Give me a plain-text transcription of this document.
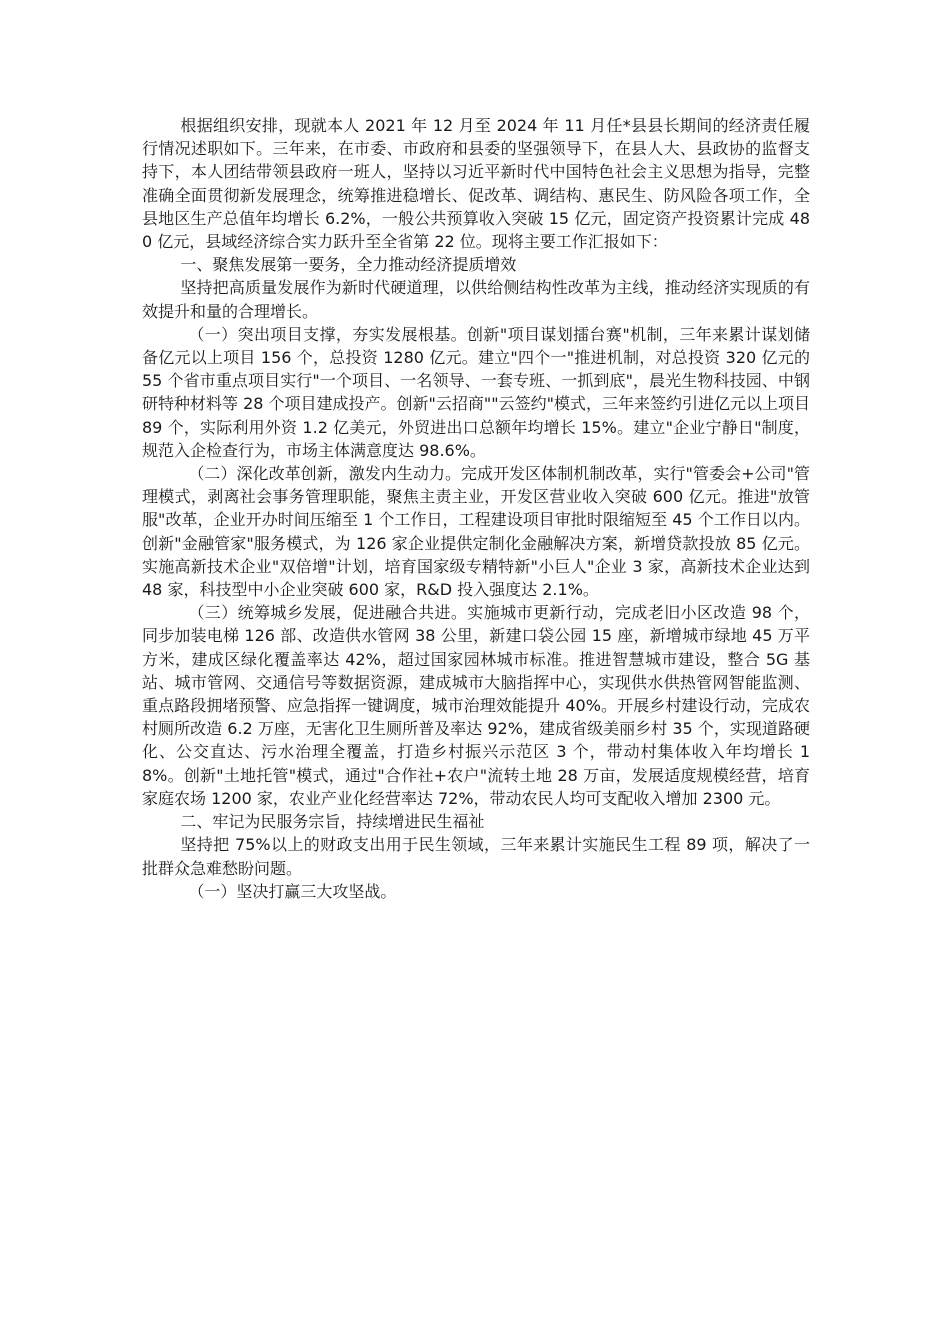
根据组织安排，现就本人 2021 年 12 月至 2024 年 11 月任*县县长期间的经济责任履行情况述职如下。三年来，在市委、市政府和县委的坚强领导下，在县人大、县政协的监督支持下，本人团结带领县政府一班人，坚持以习近平新时代中国特色社会主义思想为指导，完整准确全面贯彻新发展理念，统筹推进稳增长、促改革、调结构、惠民生、防风险各项工作，全县地区生产总值年均增长 6.2%，一般公共预算收入突破 15 亿元，固定资产投资累计完成 480 亿元，县域经济综合实力跃升至全省第 22 位。现将主要工作汇报如下：

一、聚焦发展第一要务，全力推动经济提质增效

坚持把高质量发展作为新时代硬道理，以供给侧结构性改革为主线，推动经济实现质的有效提升和量的合理增长。

（一）突出项目支撑，夯实发展根基。创新"项目谋划擂台赛"机制，三年来累计谋划储备亿元以上项目 156 个，总投资 1280 亿元。建立"四个一"推进机制，对总投资 320 亿元的 55 个省市重点项目实行"一个项目、一名领导、一套专班、一抓到底"，晨光生物科技园、中钢研特种材料等 28 个项目建成投产。创新"云招商""云签约"模式，三年来签约引进亿元以上项目 89 个，实际利用外资 1.2 亿美元，外贸进出口总额年均增长 15%。建立"企业宁静日"制度，规范入企检查行为，市场主体满意度达 98.6%。

（二）深化改革创新，激发内生动力。完成开发区体制机制改革，实行"管委会+公司"管理模式，剥离社会事务管理职能，聚焦主责主业，开发区营业收入突破 600 亿元。推进"放管服"改革，企业开办时间压缩至 1 个工作日，工程建设项目审批时限缩短至 45 个工作日以内。创新"金融管家"服务模式，为 126 家企业提供定制化金融解决方案，新增贷款投放 85 亿元。实施高新技术企业"双倍增"计划，培育国家级专精特新"小巨人"企业 3 家，高新技术企业达到 48 家，科技型中小企业突破 600 家，R&D 投入强度达 2.1%。

（三）统筹城乡发展，促进融合共进。实施城市更新行动，完成老旧小区改造 98 个，同步加装电梯 126 部、改造供水管网 38 公里，新建口袋公园 15 座，新增城市绿地 45 万平方米，建成区绿化覆盖率达 42%，超过国家园林城市标准。推进智慧城市建设，整合 5G 基站、城市管网、交通信号等数据资源，建成城市大脑指挥中心，实现供水供热管网智能监测、重点路段拥堵预警、应急指挥一键调度，城市治理效能提升 40%。开展乡村建设行动，完成农村厕所改造 6.2 万座，无害化卫生厕所普及率达 92%，建成省级美丽乡村 35 个，实现道路硬化、公交直达、污水治理全覆盖，打造乡村振兴示范区 3 个，带动村集体收入年均增长 18%。创新"土地托管"模式，通过"合作社+农户"流转土地 28 万亩，发展适度规模经营，培育家庭农场 1200 家，农业产业化经营率达 72%，带动农民人均可支配收入增加 2300 元。

二、牢记为民服务宗旨，持续增进民生福祉

坚持把 75%以上的财政支出用于民生领域，三年来累计实施民生工程 89 项，解决了一批群众急难愁盼问题。

（一）坚决打赢三大攻坚战。
